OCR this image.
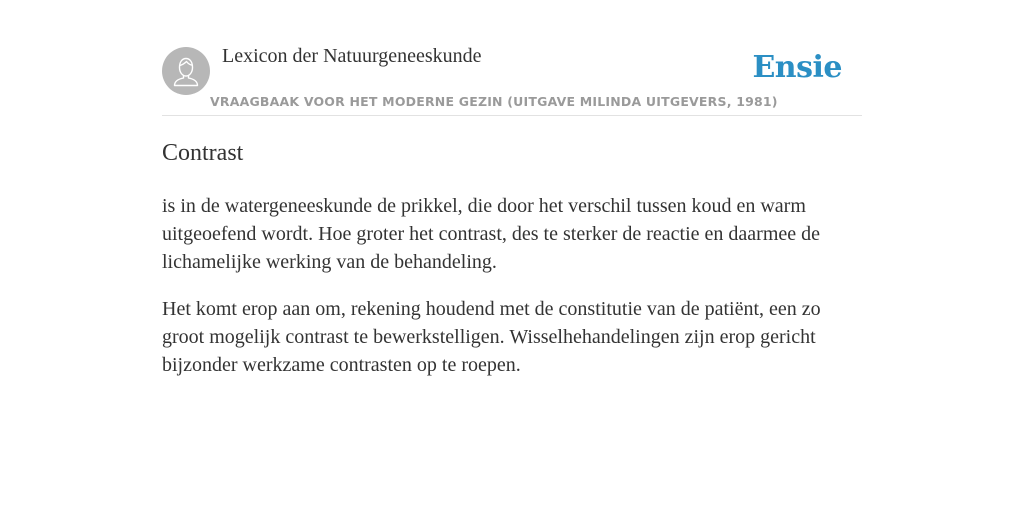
Lexicon der Natuurgeneeskunde
VRAAGBAAK VOOR HET MODERNE GEZIN (UITGAVE MILINDA UITGEVERS, 1981)
Ensie
Contrast

is in de watergeneeskunde de prikkel, die door het verschil tussen koud en warm uitgeoefend wordt. Hoe groter het contrast, des te sterker de reactie en daarmee de lichamelijke werking van de behandeling.

Het komt erop aan om, rekening houdend met de constitutie van de patiënt, een zo groot mogelijk contrast te bewerkstelligen. Wisselhehandelingen zijn erop gericht bijzonder werkzame contrasten op te roepen.
